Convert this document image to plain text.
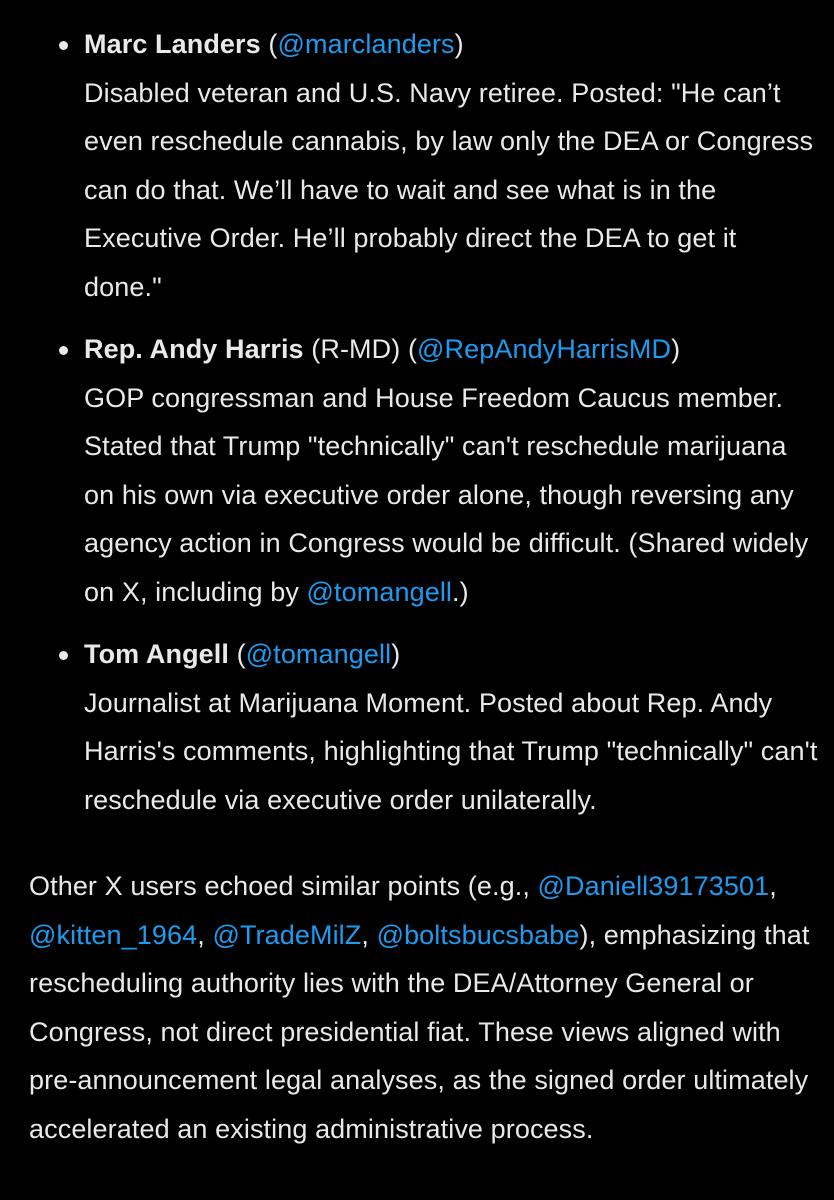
Marc Landers (@marclanders)
Disabled veteran and U.S. Navy retiree. Posted: "He can’t even reschedule cannabis, by law only the DEA or Congress can do that. We’ll have to wait and see what is in the Executive Order. He’ll probably direct the DEA to get it done."
Rep. Andy Harris (R-MD) (@RepAndyHarrisMD)
GOP congressman and House Freedom Caucus member. Stated that Trump "technically" can't reschedule marijuana on his own via executive order alone, though reversing any agency action in Congress would be difficult. (Shared widely on X, including by @tomangell.)
Tom Angell (@tomangell)
Journalist at Marijuana Moment. Posted about Rep. Andy Harris's comments, highlighting that Trump "technically" can't reschedule via executive order unilaterally.

Other X users echoed similar points (e.g., @Daniell39173501, @kitten_1964, @TradeMilZ, @boltsbucsbabe), emphasizing that rescheduling authority lies with the DEA/Attorney General or Congress, not direct presidential fiat. These views aligned with pre-announcement legal analyses, as the signed order ultimately accelerated an existing administrative process.
